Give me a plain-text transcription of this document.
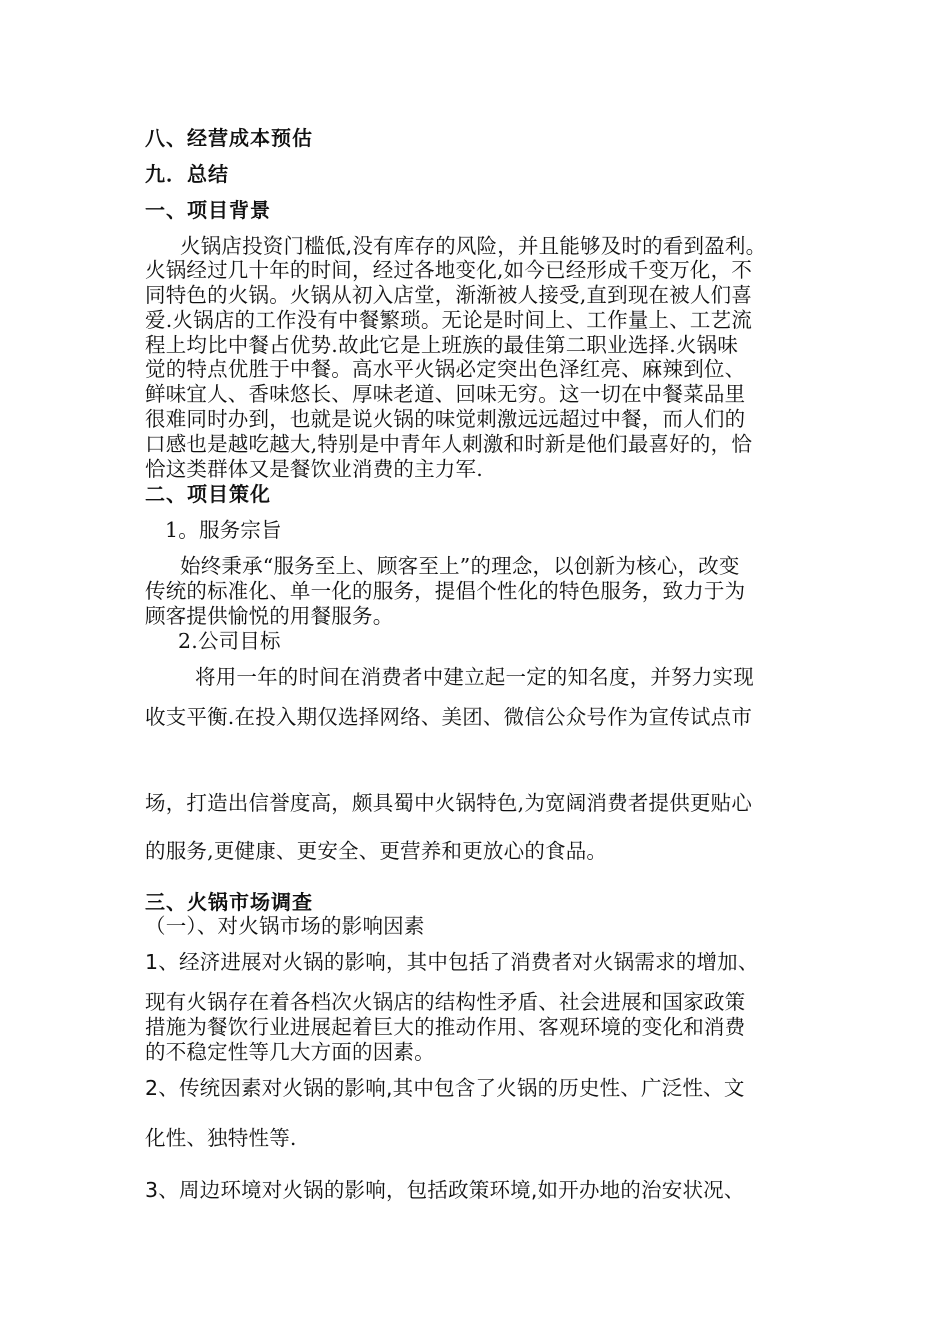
八、经营成本预估
九．总结
一、项目背景
火锅店投资门槛低,没有库存的风险，并且能够及时的看到盈利。
火锅经过几十年的时间，经过各地变化,如今已经形成千变万化，不
同特色的火锅。火锅从初入店堂，渐渐被人接受,直到现在被人们喜
爱.火锅店的工作没有中餐繁琐。无论是时间上、工作量上、工艺流
程上均比中餐占优势.故此它是上班族的最佳第二职业选择.火锅味
觉的特点优胜于中餐。高水平火锅必定突出色泽红亮、麻辣到位、
鲜味宜人、香味悠长、厚味老道、回味无穷。这一切在中餐菜品里
很难同时办到，也就是说火锅的味觉刺激远远超过中餐，而人们的
口感也是越吃越大,特别是中青年人刺激和时新是他们最喜好的，恰
恰这类群体又是餐饮业消费的主力军.
二、项目策化
1。服务宗旨
始终秉承“服务至上、顾客至上”的理念，以创新为核心，改变
传统的标准化、单一化的服务，提倡个性化的特色服务，致力于为
顾客提供愉悦的用餐服务。
2.公司目标
将用一年的时间在消费者中建立起一定的知名度，并努力实现
收支平衡.在投入期仅选择网络、美团、微信公众号作为宣传试点市
场，打造出信誉度高，颇具蜀中火锅特色,为宽阔消费者提供更贴心
的服务,更健康、更安全、更营养和更放心的食品。
三、火锅市场调查
（一）、对火锅市场的影响因素
1、经济进展对火锅的影响，其中包括了消费者对火锅需求的增加、
现有火锅存在着各档次火锅店的结构性矛盾、社会进展和国家政策
措施为餐饮行业进展起着巨大的推动作用、客观环境的变化和消费
的不稳定性等几大方面的因素。
2、传统因素对火锅的影响,其中包含了火锅的历史性、广泛性、文
化性、独特性等.
3、周边环境对火锅的影响，包括政策环境,如开办地的治安状况、
